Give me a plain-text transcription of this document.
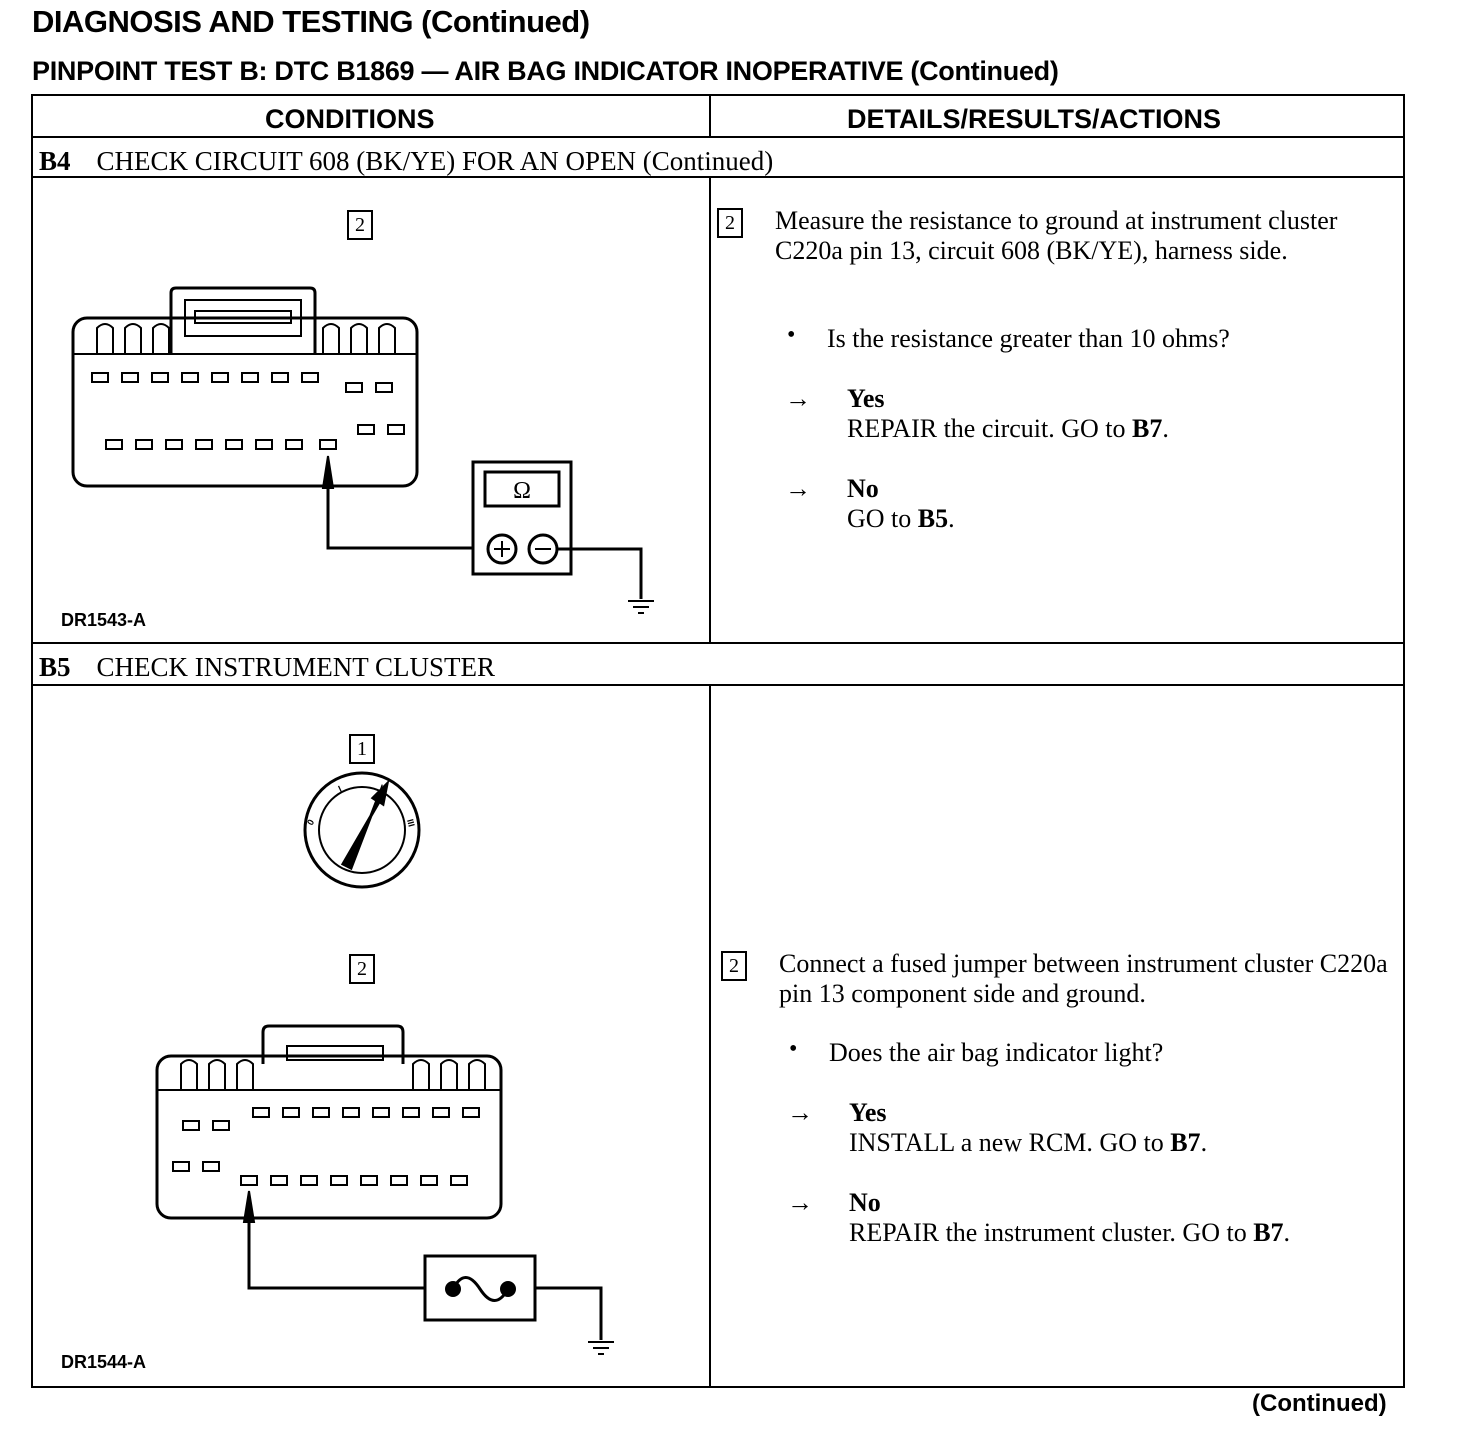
DIAGNOSIS AND TESTING (Continued)
PINPOINT TEST B: DTC B1869 — AIR BAG INDICATOR INOPERATIVE (Continued)
CONDITIONS	DETAILS/RESULTS/ACTIONS
B4 CHECK CIRCUIT 608 (BK/YE) FOR AN OPEN (Continued)
2
Ω
DR1543-A
2 Measure the resistance to ground at instrument cluster C220a pin 13, circuit 608 (BK/YE), harness side.
• Is the resistance greater than 10 ohms?
→ Yes
REPAIR the circuit. GO to B7.
→ No
GO to B5.
B5 CHECK INSTRUMENT CLUSTER
1
2
0
I	II
III
DR1544-A
2 Connect a fused jumper between instrument cluster C220a pin 13 component side and ground.
• Does the air bag indicator light?
→ Yes
INSTALL a new RCM. GO to B7.
→ No
REPAIR the instrument cluster. GO to B7.
(Continued)
